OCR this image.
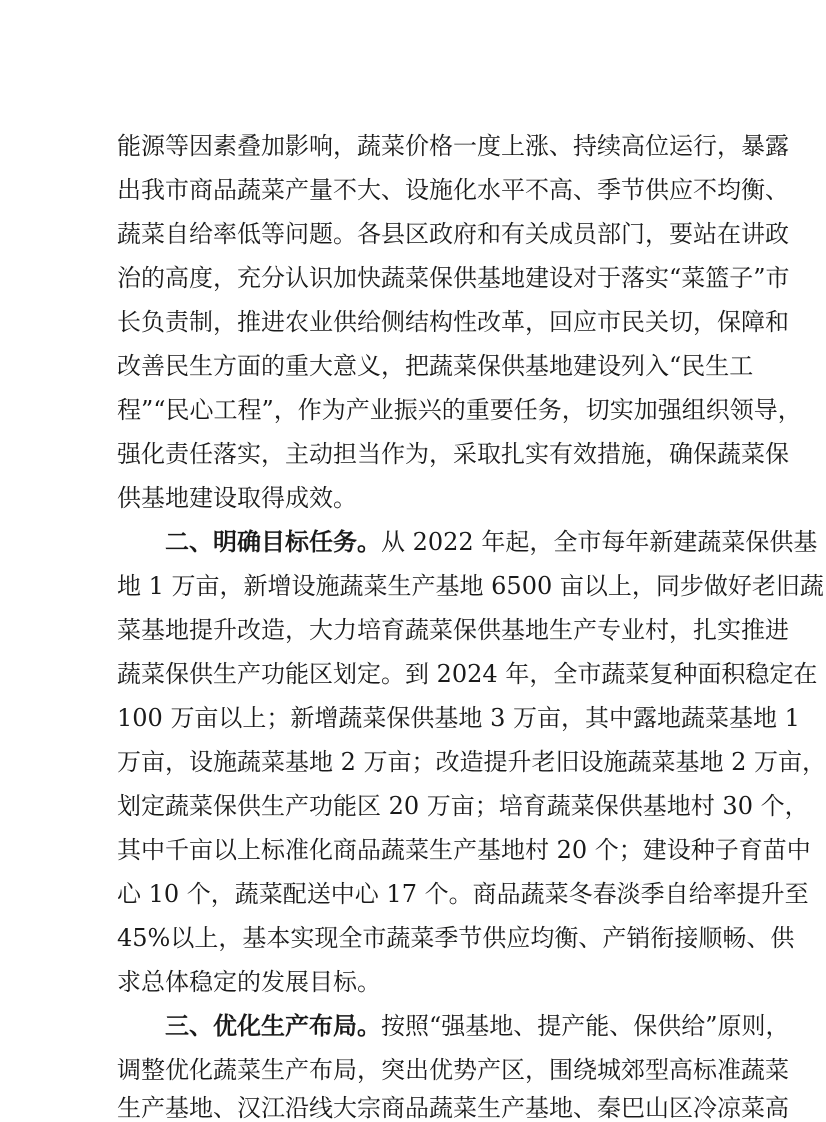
能源等因素叠加影响，蔬菜价格一度上涨、持续高位运行，暴露
出我市商品蔬菜产量不大、设施化水平不高、季节供应不均衡、
蔬菜自给率低等问题。各县区政府和有关成员部门，要站在讲政
治的高度，充分认识加快蔬菜保供基地建设对于落实“菜篮子”市
长负责制，推进农业供给侧结构性改革，回应市民关切，保障和
改善民生方面的重大意义，把蔬菜保供基地建设列入“民生工
程”“民心工程”，作为产业振兴的重要任务，切实加强组织领导，
强化责任落实，主动担当作为，采取扎实有效措施，确保蔬菜保
供基地建设取得成效。
二、明确目标任务。从 2022 年起，全市每年新建蔬菜保供基
地 1 万亩，新增设施蔬菜生产基地 6500 亩以上，同步做好老旧蔬
菜基地提升改造，大力培育蔬菜保供基地生产专业村，扎实推进
蔬菜保供生产功能区划定。到 2024 年，全市蔬菜复种面积稳定在
100 万亩以上；新增蔬菜保供基地 3 万亩，其中露地蔬菜基地 1
万亩，设施蔬菜基地 2 万亩；改造提升老旧设施蔬菜基地 2 万亩，
划定蔬菜保供生产功能区 20 万亩；培育蔬菜保供基地村 30 个，
其中千亩以上标准化商品蔬菜生产基地村 20 个；建设种子育苗中
心 10 个，蔬菜配送中心 17 个。商品蔬菜冬春淡季自给率提升至
45%以上，基本实现全市蔬菜季节供应均衡、产销衔接顺畅、供
求总体稳定的发展目标。
三、优化生产布局。按照“强基地、提产能、保供给”原则，
调整优化蔬菜生产布局，突出优势产区，围绕城郊型高标准蔬菜
生产基地、汉江沿线大宗商品蔬菜生产基地、秦巴山区冷凉菜高
